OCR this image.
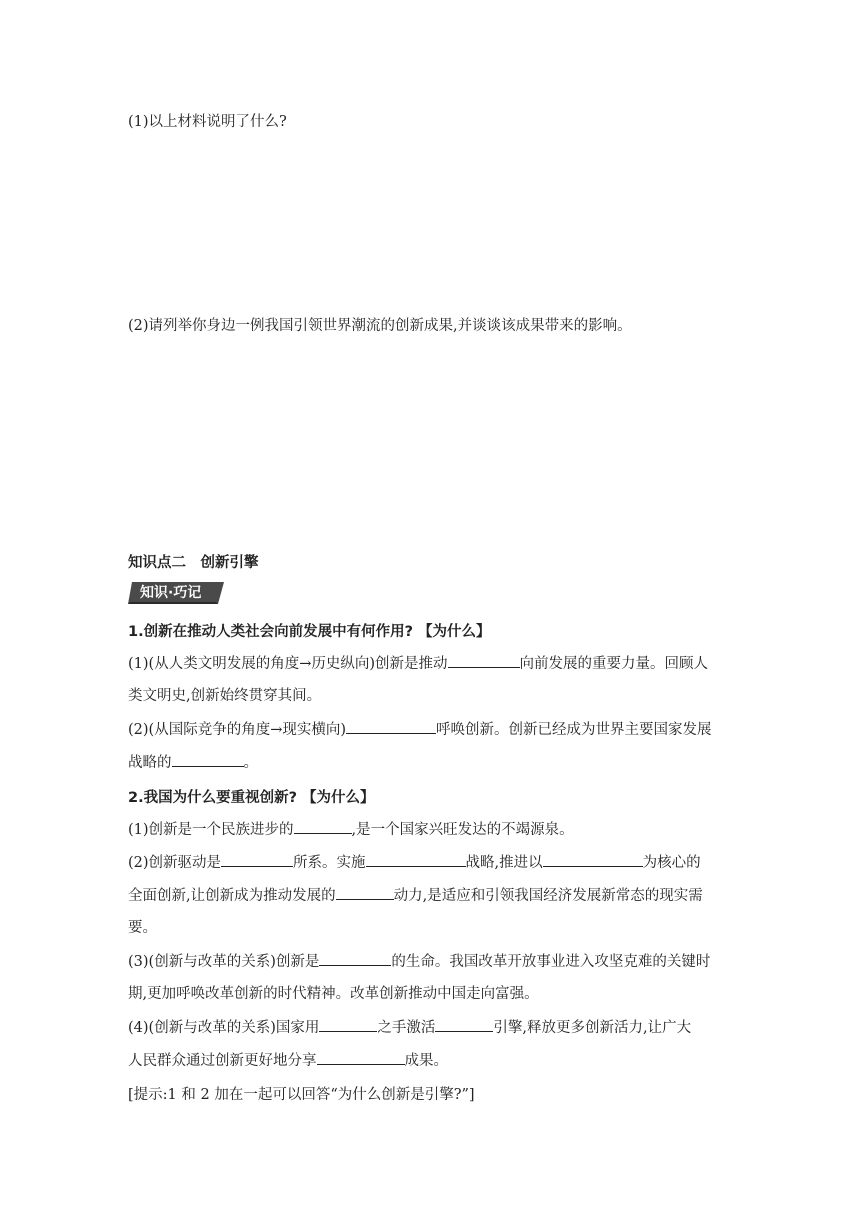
(1)以上材料说明了什么?
(2)请列举你身边一例我国引领世界潮流的创新成果,并谈谈该成果带来的影响。
知识点二　创新引擎
知识·巧记
1.创新在推动人类社会向前发展中有何作用? 【为什么】
(1)(从人类文明发展的角度→历史纵向)创新是推动	向前发展的重要力量。回顾人
类文明史,创新始终贯穿其间。
(2)(从国际竞争的角度→现实横向)	呼唤创新。创新已经成为世界主要国家发展
战略的	。
2.我国为什么要重视创新? 【为什么】
(1)创新是一个民族进步的	,是一个国家兴旺发达的不竭源泉。
(2)创新驱动是	所系。实施	战略,推进以	为核心的
全面创新,让创新成为推动发展的	动力,是适应和引领我国经济发展新常态的现实需
要。
(3)(创新与改革的关系)创新是	的生命。我国改革开放事业进入攻坚克难的关键时
期,更加呼唤改革创新的时代精神。改革创新推动中国走向富强。
(4)(创新与改革的关系)国家用	之手激活	引擎,释放更多创新活力,让广大
人民群众通过创新更好地分享	成果。
[提示:1 和 2 加在一起可以回答“为什么创新是引擎?”]
